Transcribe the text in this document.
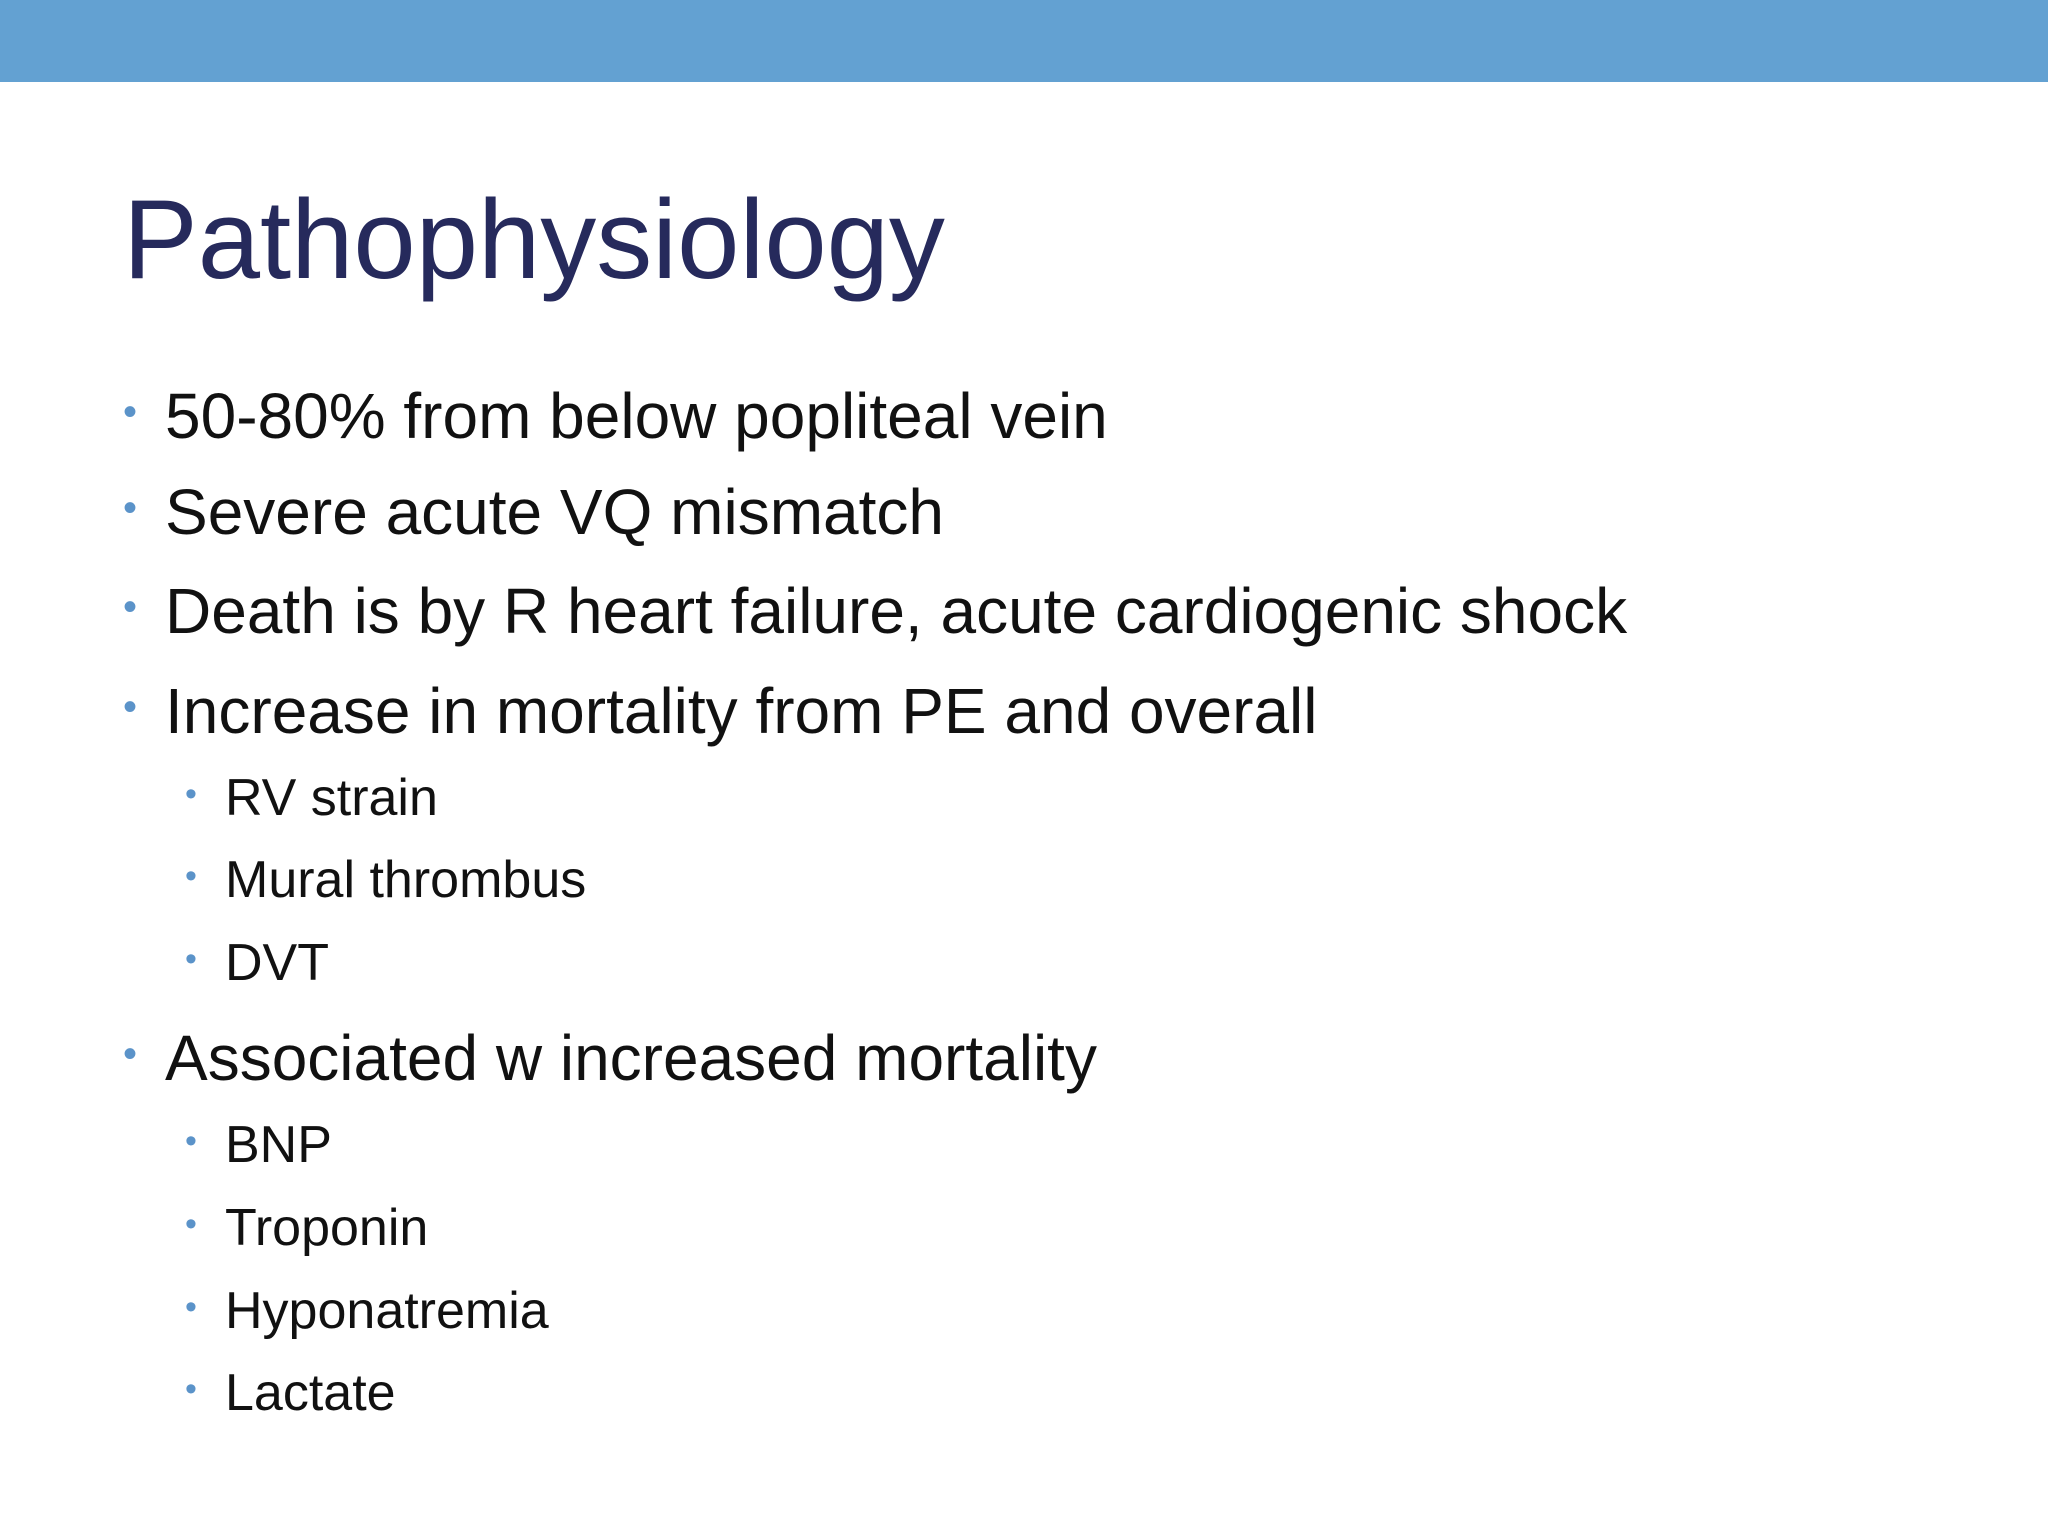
Pathophysiology
• 50-80% from below popliteal vein
• Severe acute VQ mismatch
• Death is by R heart failure, acute cardiogenic shock
• Increase in mortality from PE and overall
• RV strain
• Mural thrombus
• DVT
• Associated w increased mortality
• BNP
• Troponin
• Hyponatremia
• Lactate
